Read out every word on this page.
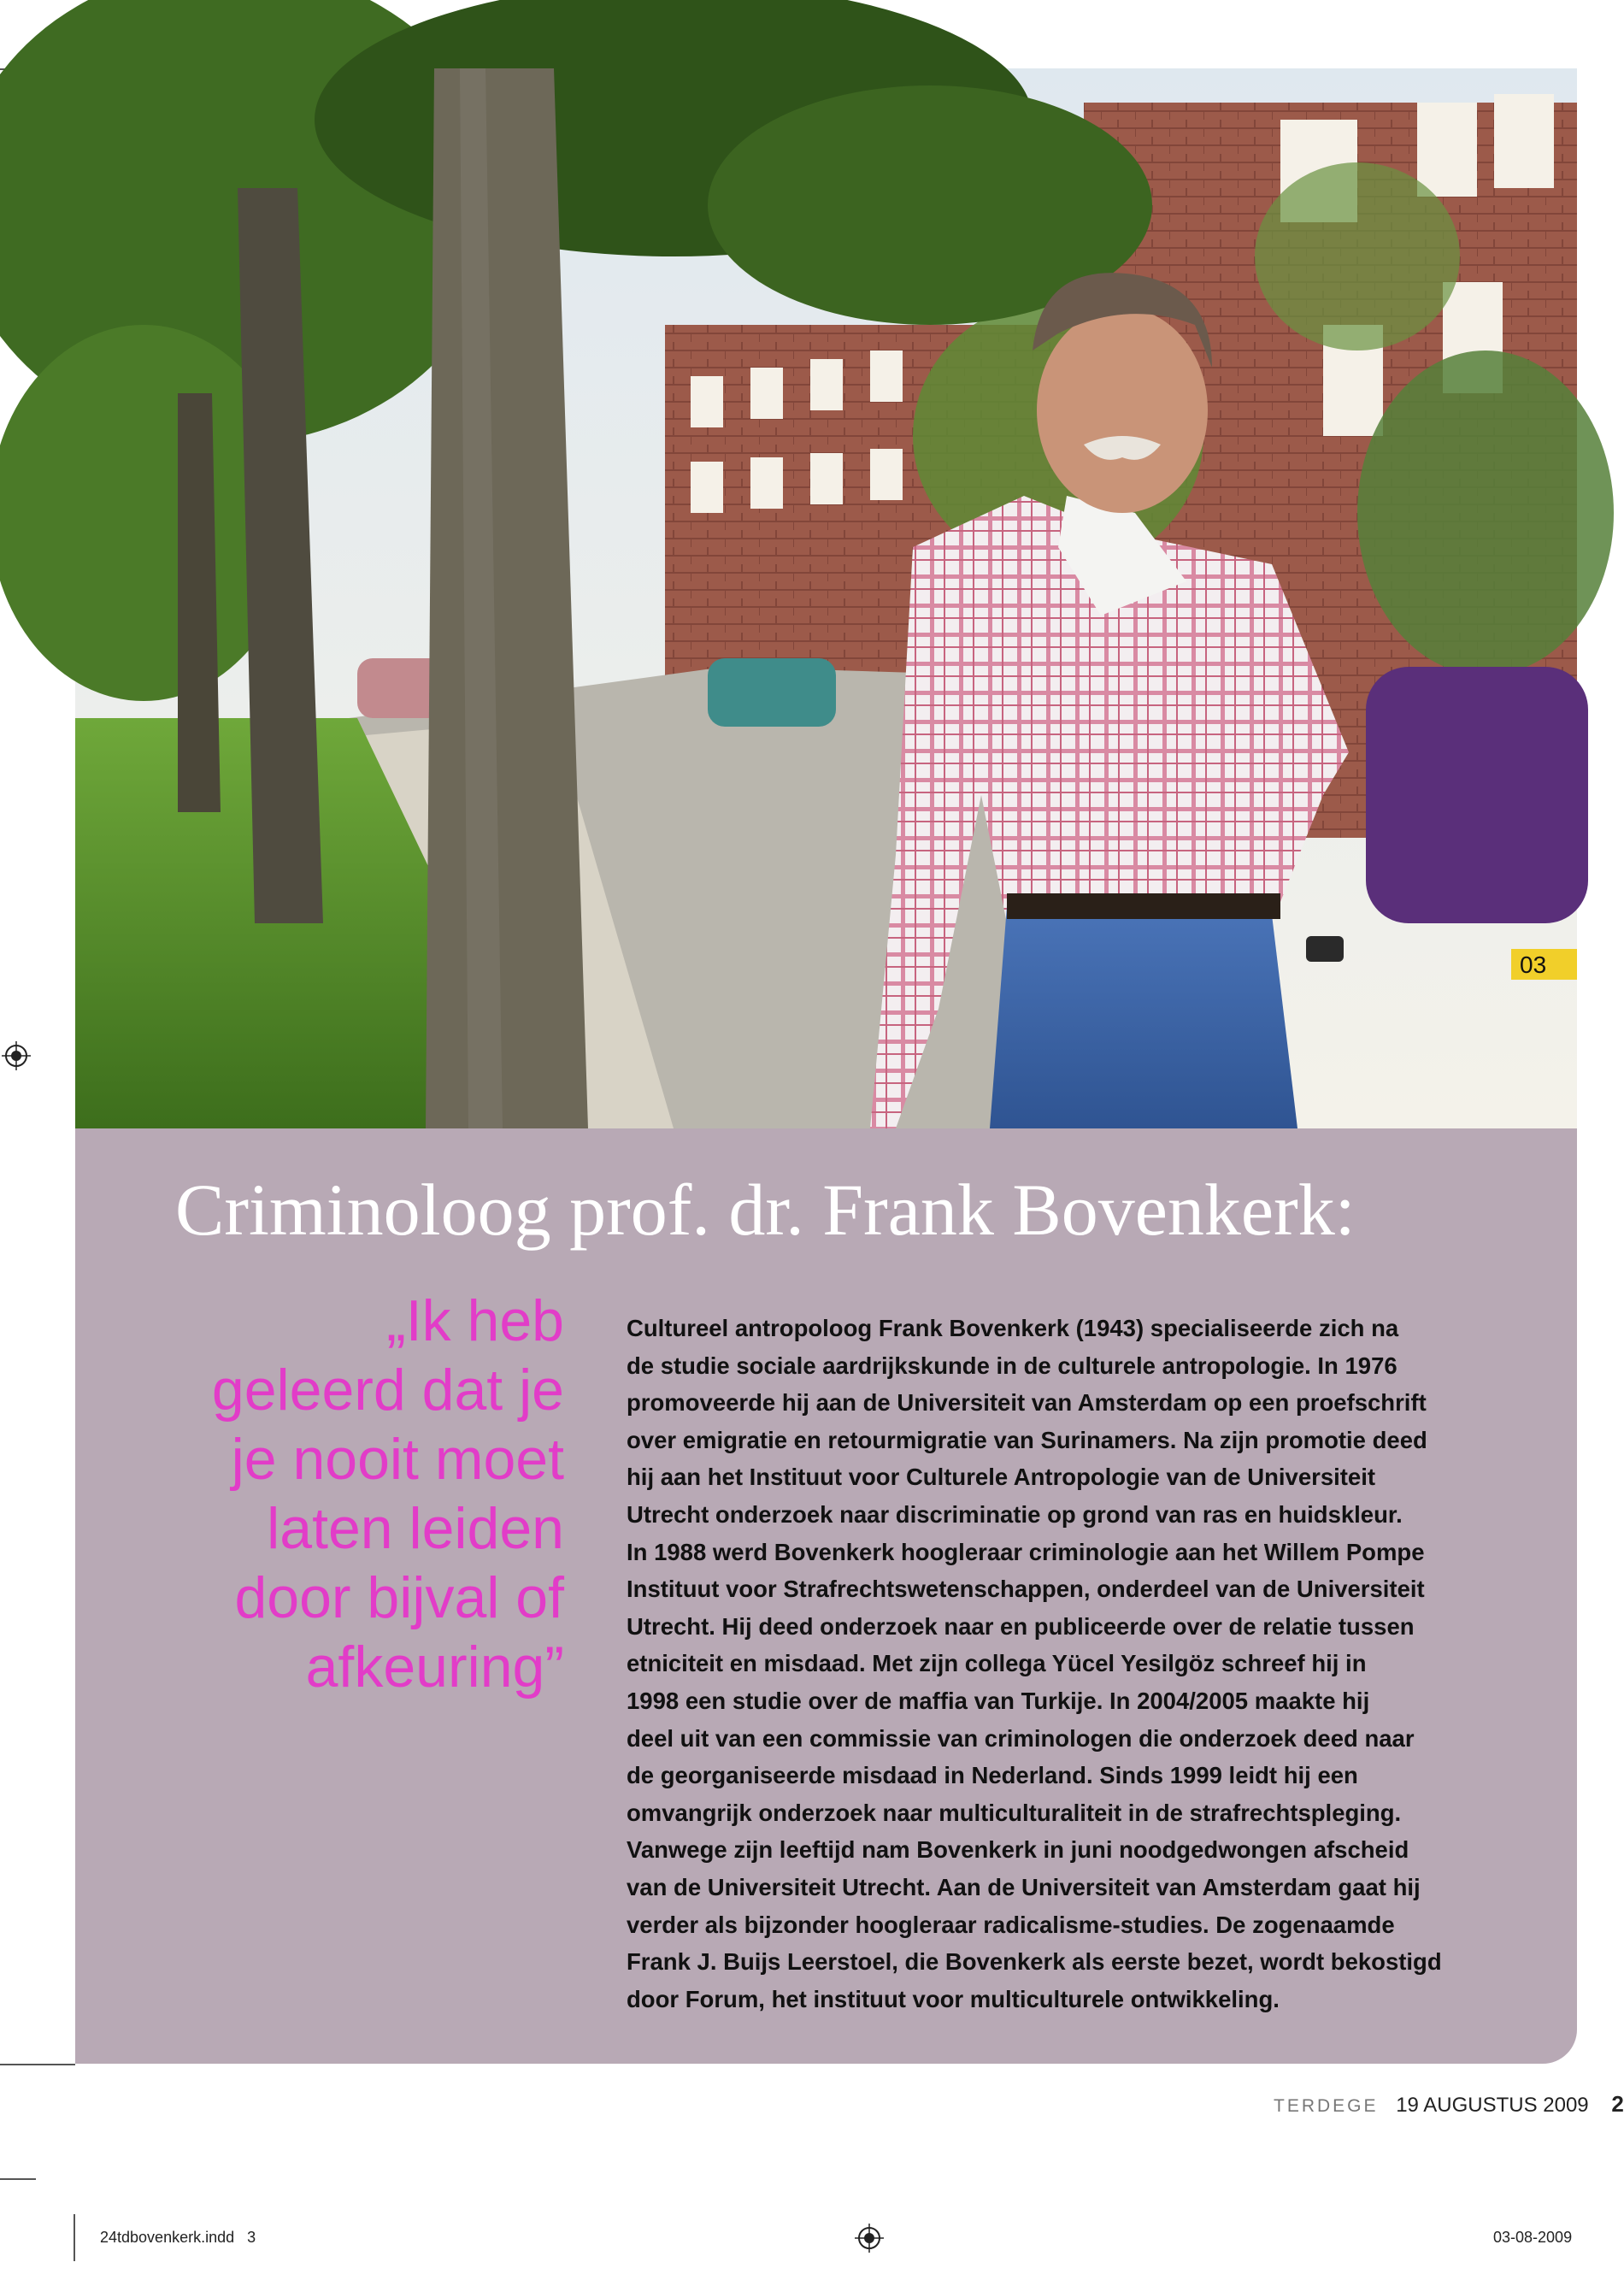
03
Criminoloog prof. dr. Frank Bovenkerk:
„Ik heb
geleerd dat je
je nooit moet
laten leiden
door bijval of
afkeuring”

Cultureel antropoloog Frank Bovenkerk (1943) specialiseerde zich na

de studie sociale aardrijkskunde in de culturele antropologie. In 1976

promoveerde hij aan de Universiteit van Amsterdam op een proefschrift

over emigratie en retourmigratie van Surinamers. Na zijn promotie deed

hij aan het Instituut voor Culturele Antropologie van de Universiteit

Utrecht onderzoek naar discriminatie op grond van ras en huidskleur.

In 1988 werd Bovenkerk hoogleraar criminologie aan het Willem Pompe

Instituut voor Strafrechtswetenschappen, onderdeel van de Universiteit

Utrecht. Hij deed onderzoek naar en publiceerde over de relatie tussen

etniciteit en misdaad. Met zijn collega Yücel Yesilgöz schreef hij in

1998 een studie over de maffia van Turkije. In 2004/2005 maakte hij

deel uit van een commissie van criminologen die onderzoek deed naar

de georganiseerde misdaad in Nederland. Sinds 1999 leidt hij een

omvangrijk onderzoek naar multiculturaliteit in de strafrechtspleging.

Vanwege zijn leeftijd nam Bovenkerk in juni noodgedwongen afscheid

van de Universiteit Utrecht. Aan de Universiteit van Amsterdam gaat hij

verder als bijzonder hoogleraar radicalisme-studies. De zogenaamde

Frank J. Buijs Leerstoel, die Bovenkerk als eerste bezet, wordt bekostigd

door Forum, het instituut voor multiculturele ontwikkeling.

TERDEGE 19 AUGUSTUS 2009 2
24tdbovenkerk.indd   3	03-08-2009
